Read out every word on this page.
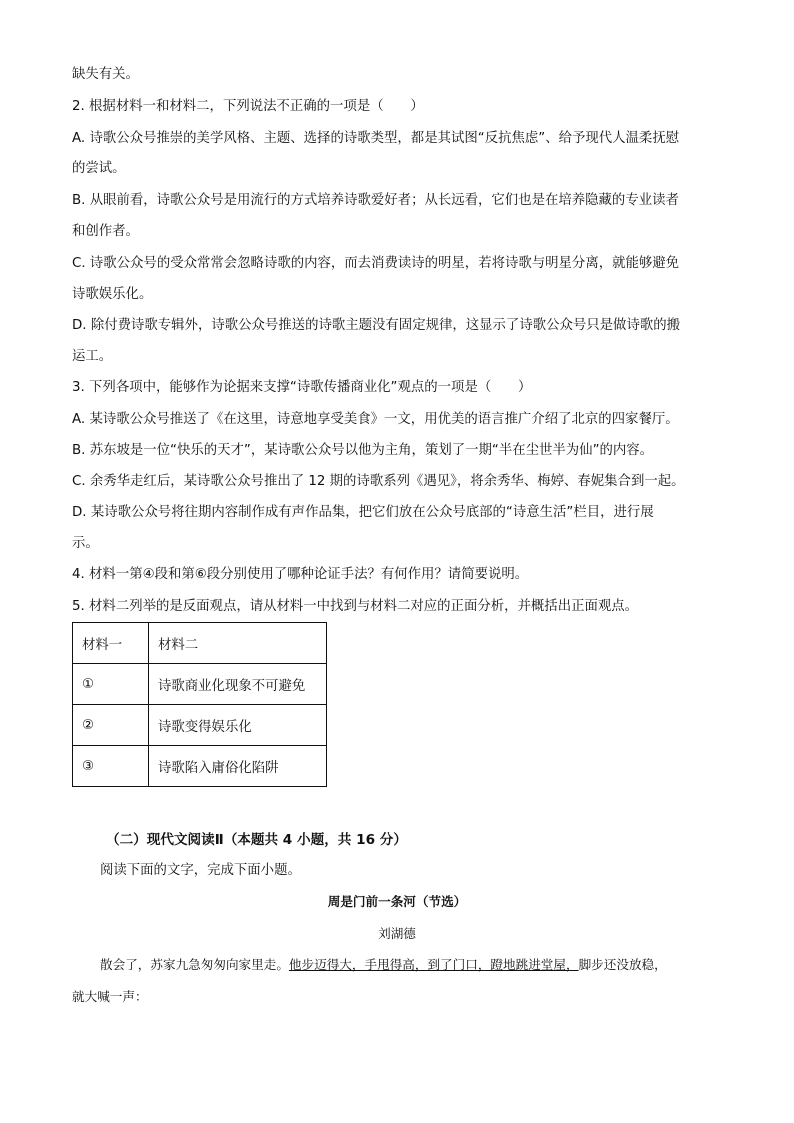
缺失有关。

2. 根据材料一和材料二，下列说法不正确的一项是（　　）

A. 诗歌公众号推崇的美学风格、主题、选择的诗歌类型，都是其试图“反抗焦虑”、给予现代人温柔抚慰

的尝试。

B. 从眼前看，诗歌公众号是用流行的方式培养诗歌爱好者；从长远看，它们也是在培养隐藏的专业读者

和创作者。

C. 诗歌公众号的受众常常会忽略诗歌的内容，而去消费读诗的明星，若将诗歌与明星分离，就能够避免

诗歌娱乐化。

D. 除付费诗歌专辑外，诗歌公众号推送的诗歌主题没有固定规律，这显示了诗歌公众号只是做诗歌的搬

运工。

3. 下列各项中，能够作为论据来支撑“诗歌传播商业化”观点的一项是（　　）

A. 某诗歌公众号推送了《在这里，诗意地享受美食》一文，用优美的语言推广介绍了北京的四家餐厅。

B. 苏东坡是一位“快乐的天才”，某诗歌公众号以他为主角，策划了一期“半在尘世半为仙”的内容。

C. 余秀华走红后，某诗歌公众号推出了 12 期的诗歌系列《遇见》，将余秀华、梅婷、春妮集合到一起。

D. 某诗歌公众号将往期内容制作成有声作品集，把它们放在公众号底部的“诗意生活”栏目，进行展

示。

4. 材料一第④段和第⑥段分别使用了哪种论证手法？有何作用？请简要说明。

5. 材料二列举的是反面观点，请从材料一中找到与材料二对应的正面分析，并概括出正面观点。

材料一	材料二
①	诗歌商业化现象不可避免
②	诗歌变得娱乐化
③	诗歌陷入庸俗化陷阱
（二）现代文阅读Ⅱ（本题共 4 小题，共 16 分）

阅读下面的文字，完成下面小题。

周是门前一条河（节选）
刘湖德

散会了，苏家九急匆匆向家里走。他步迈得大，手甩得高，到了门口，蹬地跳进堂屋，脚步还没放稳，

就大喊一声：
